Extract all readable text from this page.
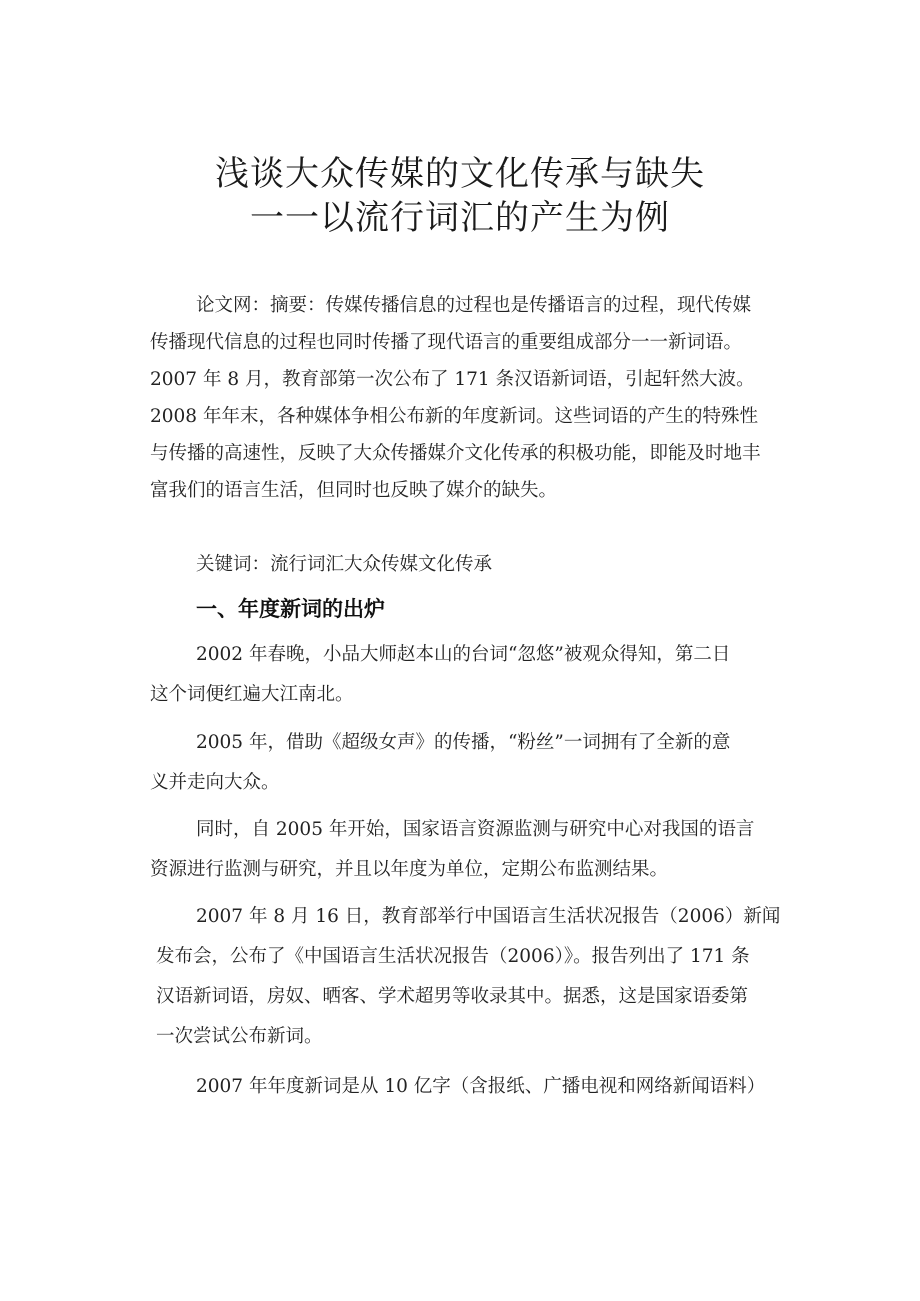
浅谈大众传媒的文化传承与缺失
一一以流行词汇的产生为例
论文网：摘要：传媒传播信息的过程也是传播语言的过程，现代传媒
传播现代信息的过程也同时传播了现代语言的重要组成部分一一新词语。
2007 年 8 月，教育部第一次公布了 171 条汉语新词语，引起轩然大波。
2008 年年末，各种媒体争相公布新的年度新词。这些词语的产生的特殊性
与传播的高速性，反映了大众传播媒介文化传承的积极功能，即能及时地丰
富我们的语言生活，但同时也反映了媒介的缺失。
关键词：流行词汇大众传媒文化传承
一、年度新词的出炉
2002 年春晚，小品大师赵本山的台词“忽悠”被观众得知，第二日
这个词便红遍大江南北。
2005 年，借助《超级女声》的传播，“粉丝”一词拥有了全新的意
义并走向大众。
同时，自 2005 年开始，国家语言资源监测与研究中心对我国的语言
资源进行监测与研究，并且以年度为单位，定期公布监测结果。
2007 年 8 月 16 日，教育部举行中国语言生活状况报告（2006）新闻
发布会，公布了《中国语言生活状况报告（2006）》。报告列出了 171 条
汉语新词语，房奴、晒客、学术超男等收录其中。据悉，这是国家语委第
一次尝试公布新词。
2007 年年度新词是从 10 亿字（含报纸、广播电视和网络新闻语料）
